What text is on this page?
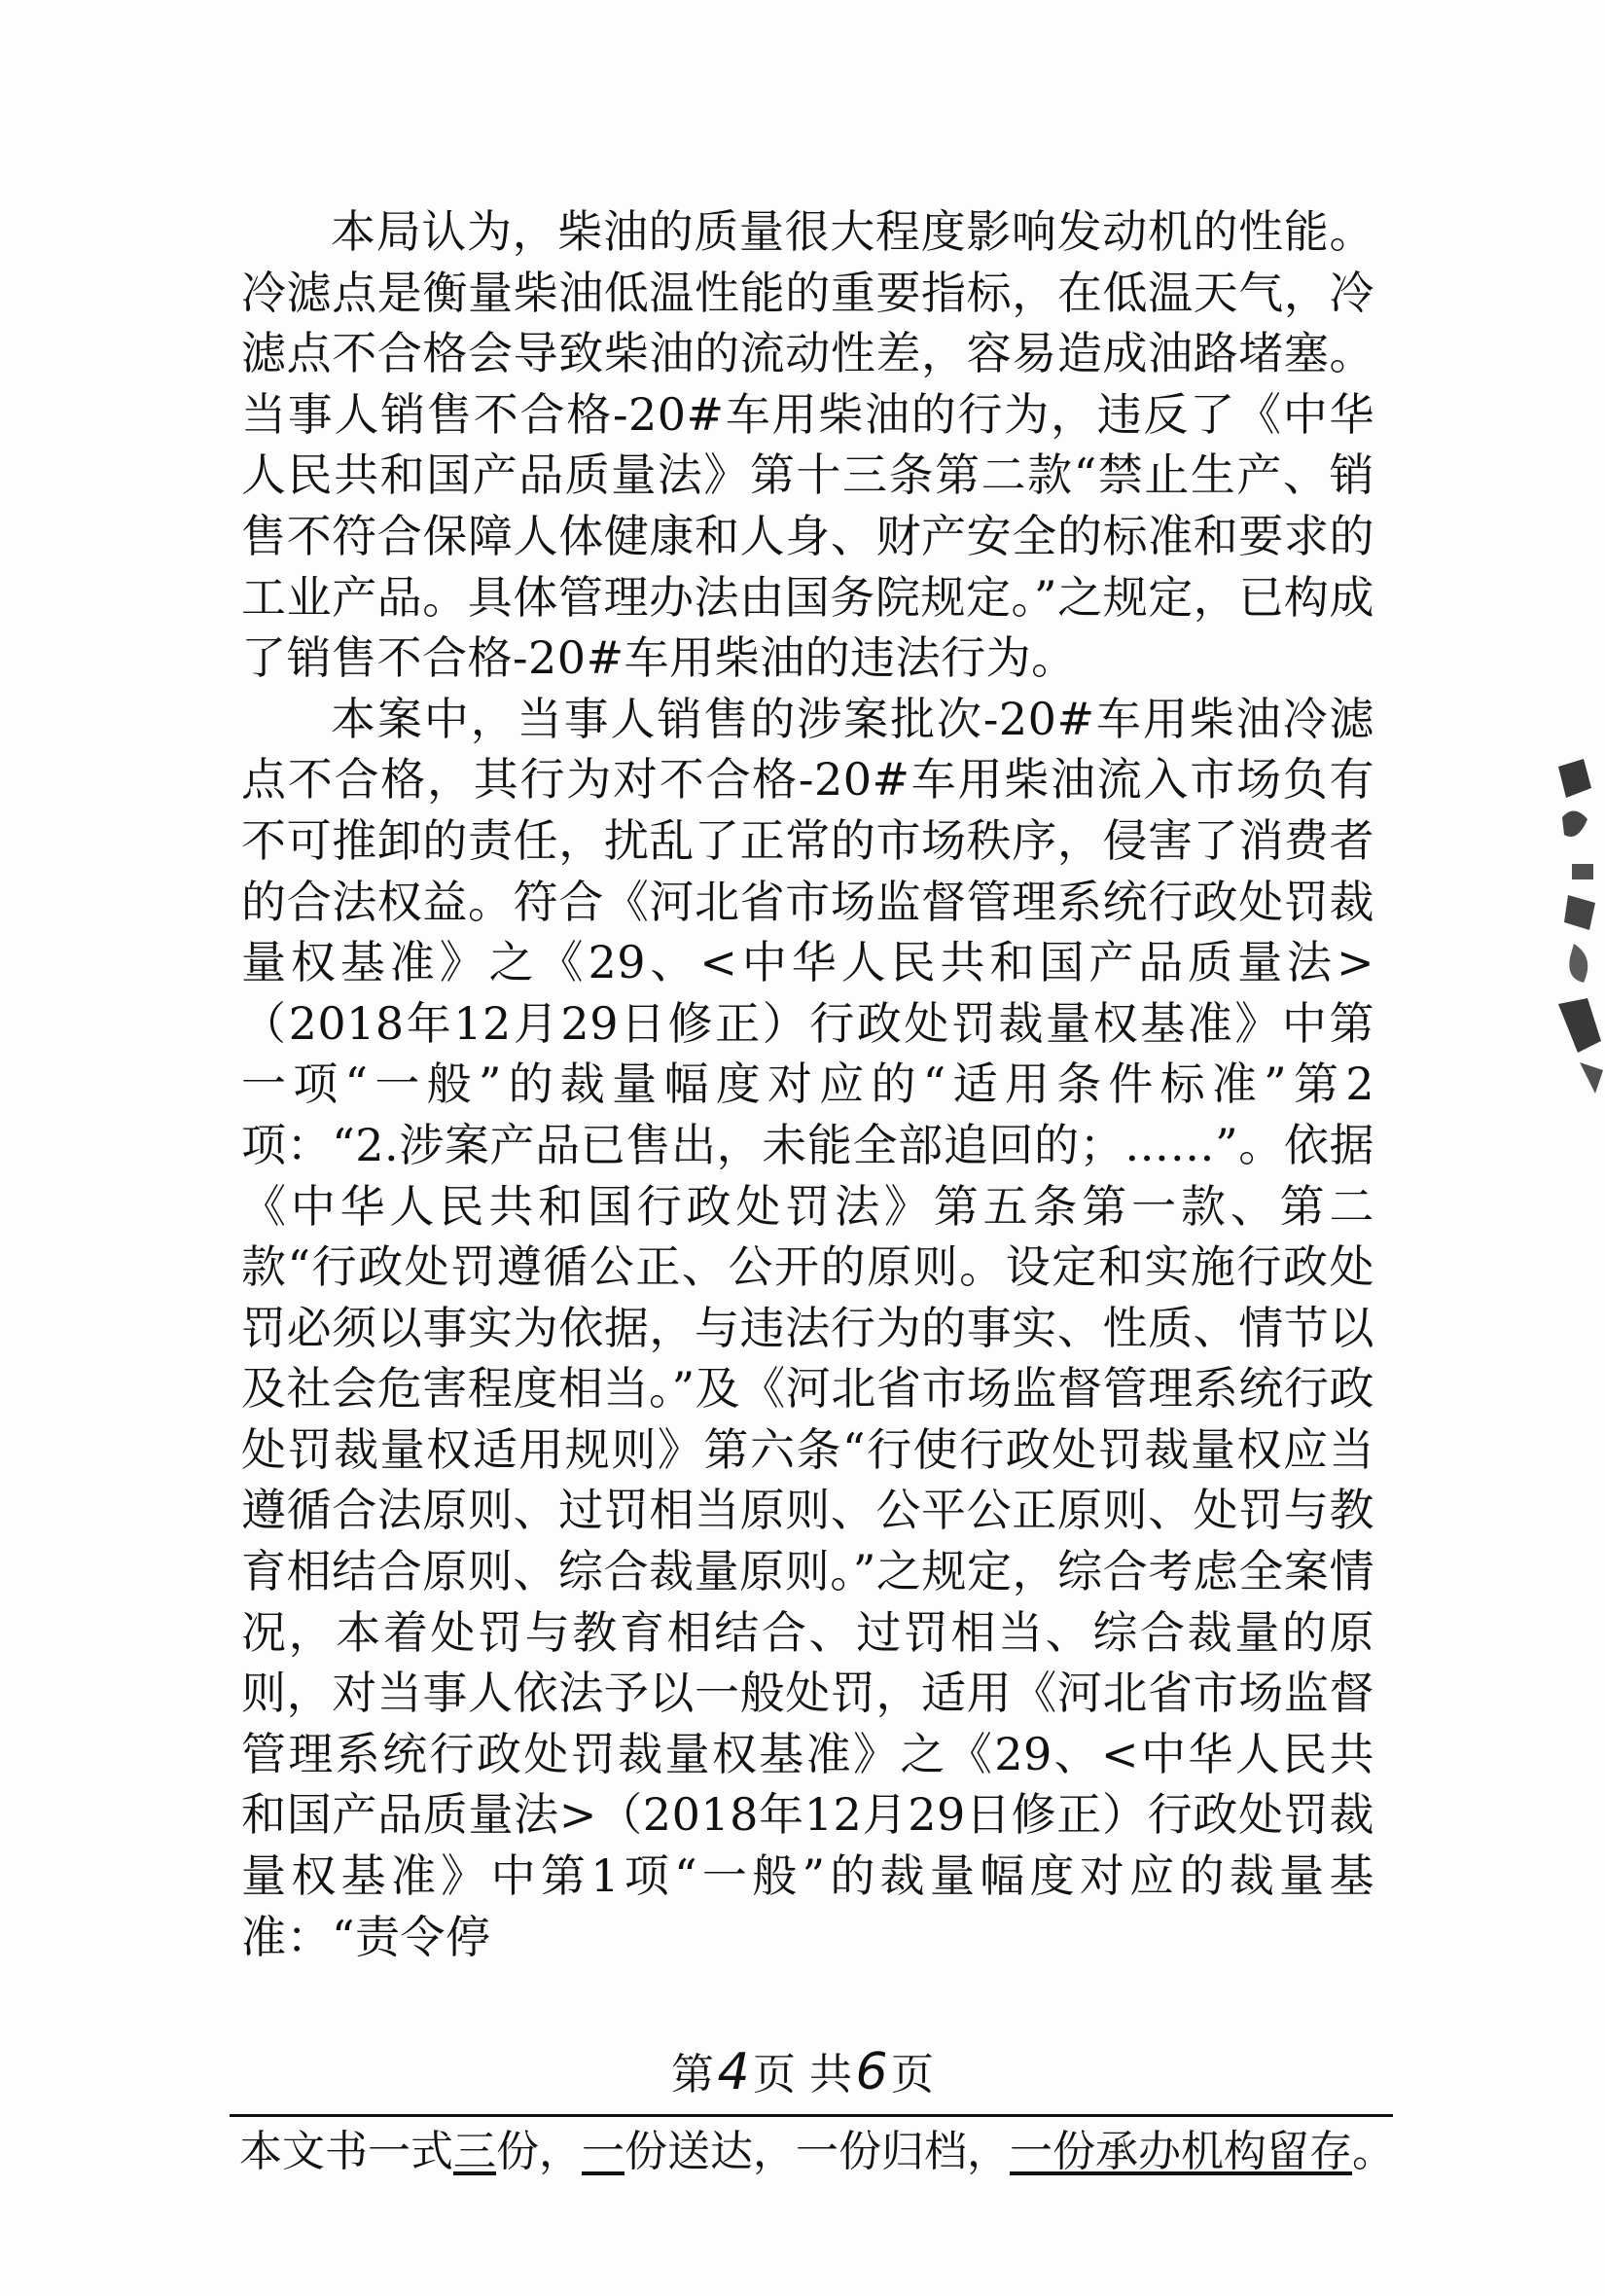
本局认为，柴油的质量很大程度影响发动机的性能。冷滤点是衡量柴油低温性能的重要指标，在低温天气，冷滤点不合格会导致柴油的流动性差，容易造成油路堵塞。当事人销售不合格-20#车用柴油的行为，违反了《中华人民共和国产品质量法》第十三条第二款“禁止生产、销售不符合保障人体健康和人身、财产安全的标准和要求的工业产品。具体管理办法由国务院规定。”之规定，已构成了销售不合格-20#车用柴油的违法行为。

本案中，当事人销售的涉案批次-20#车用柴油冷滤点不合格，其行为对不合格-20#车用柴油流入市场负有不可推卸的责任，扰乱了正常的市场秩序，侵害了消费者的合法权益。符合《河北省市场监督管理系统行政处罚裁量权基准》之《29、<中华人民共和国产品质量法>（2018年12月29日修正）行政处罚裁量权基准》中第一项“一般”的裁量幅度对应的“适用条件标准”第2项：“2.涉案产品已售出，未能全部追回的；……”。依据《中华人民共和国行政处罚法》第五条第一款、第二款“行政处罚遵循公正、公开的原则。设定和实施行政处罚必须以事实为依据，与违法行为的事实、性质、情节以及社会危害程度相当。”及《河北省市场监督管理系统行政处罚裁量权适用规则》第六条“行使行政处罚裁量权应当遵循合法原则、过罚相当原则、公平公正原则、处罚与教育相结合原则、综合裁量原则。”之规定，综合考虑全案情况，本着处罚与教育相结合、过罚相当、综合裁量的原则，对当事人依法予以一般处罚，适用《河北省市场监督管理系统行政处罚裁量权基准》之《29、<中华人民共和国产品质量法>（2018年12月29日修正）行政处罚裁量权基准》中第1项“一般”的裁量幅度对应的裁量基准：“责令停

第4页 共6页
本文书一式三份，一份送达，一份归档，一份承办机构留存。
